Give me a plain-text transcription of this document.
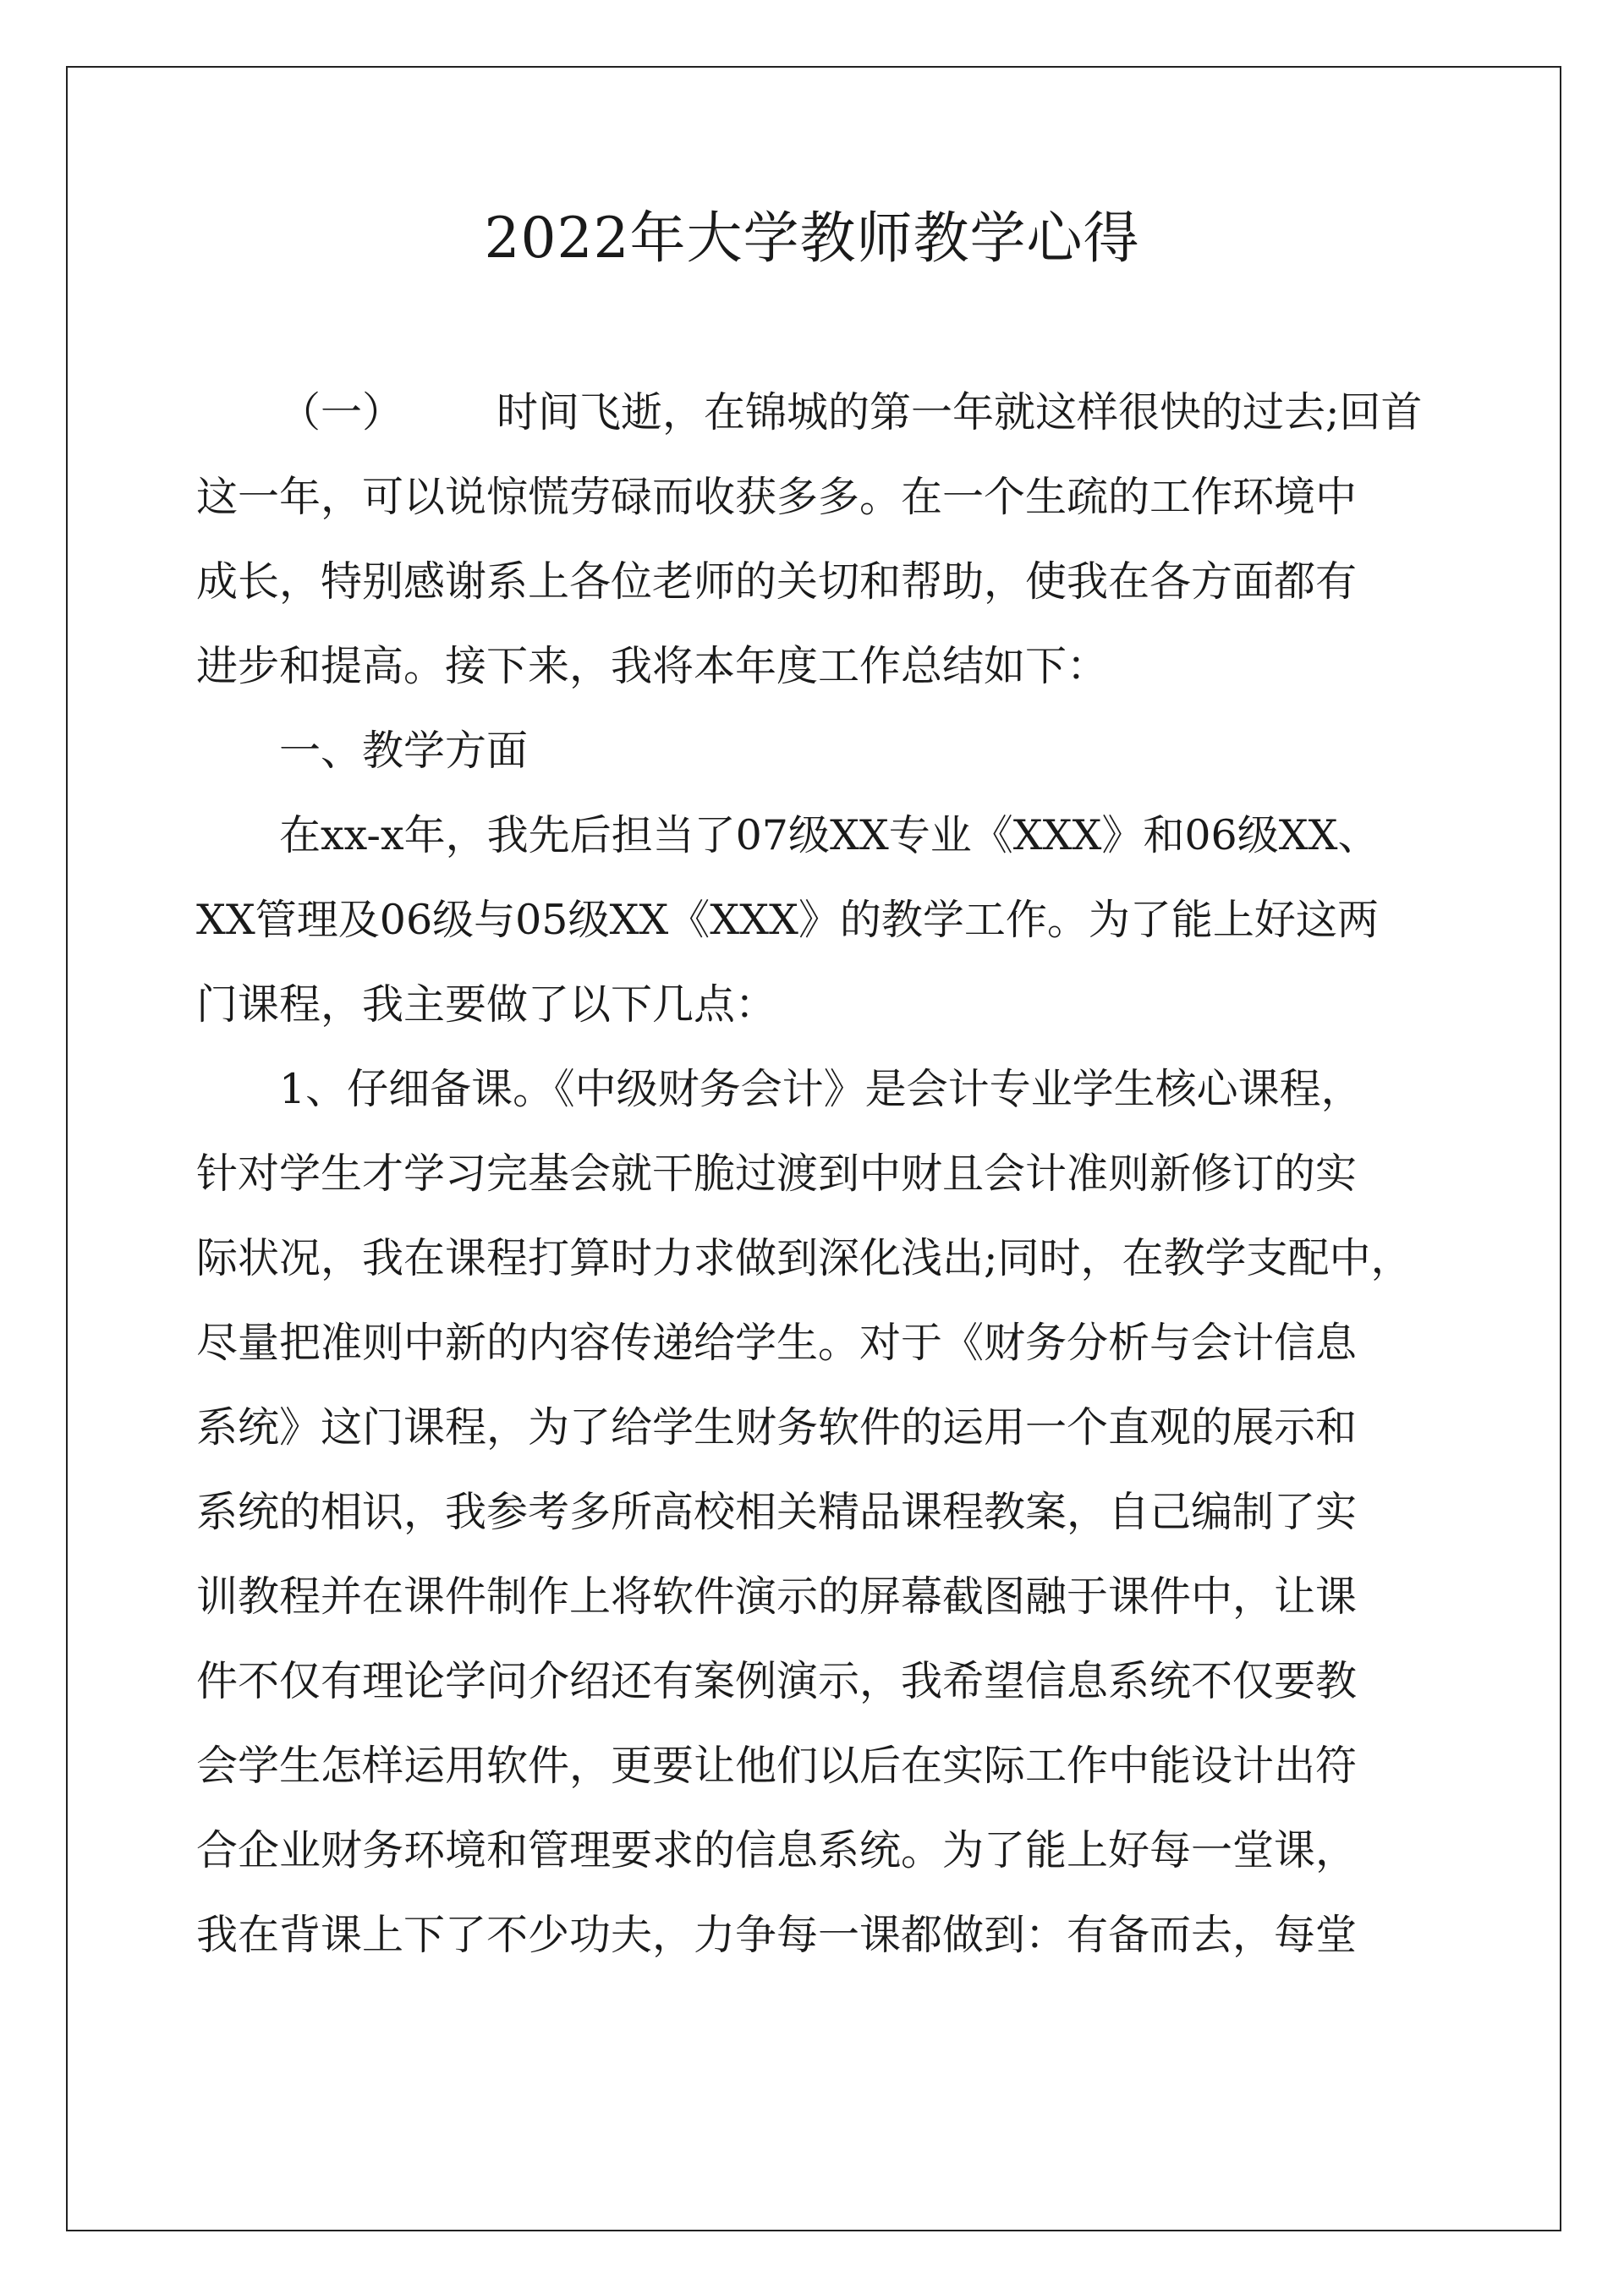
2022年大学教师教学心得
（一） 时间飞逝，在锦城的第一年就这样很快的过去;回首
这一年，可以说惊慌劳碌而收获多多。在一个生疏的工作环境中
成长，特别感谢系上各位老师的关切和帮助，使我在各方面都有
进步和提高。接下来，我将本年度工作总结如下：
一、教学方面
在xx-x年，我先后担当了07级XX专业《XXX》和06级XX、
XX管理及06级与05级XX《XXX》的教学工作。为了能上好这两
门课程，我主要做了以下几点：
1、仔细备课。《中级财务会计》是会计专业学生核心课程，
针对学生才学习完基会就干脆过渡到中财且会计准则新修订的实
际状况，我在课程打算时力求做到深化浅出;同时，在教学支配中，
尽量把准则中新的内容传递给学生。对于《财务分析与会计信息
系统》这门课程，为了给学生财务软件的运用一个直观的展示和
系统的相识，我参考多所高校相关精品课程教案，自己编制了实
训教程并在课件制作上将软件演示的屏幕截图融于课件中，让课
件不仅有理论学问介绍还有案例演示，我希望信息系统不仅要教
会学生怎样运用软件，更要让他们以后在实际工作中能设计出符
合企业财务环境和管理要求的信息系统。为了能上好每一堂课，
我在背课上下了不少功夫，力争每一课都做到：有备而去，每堂
